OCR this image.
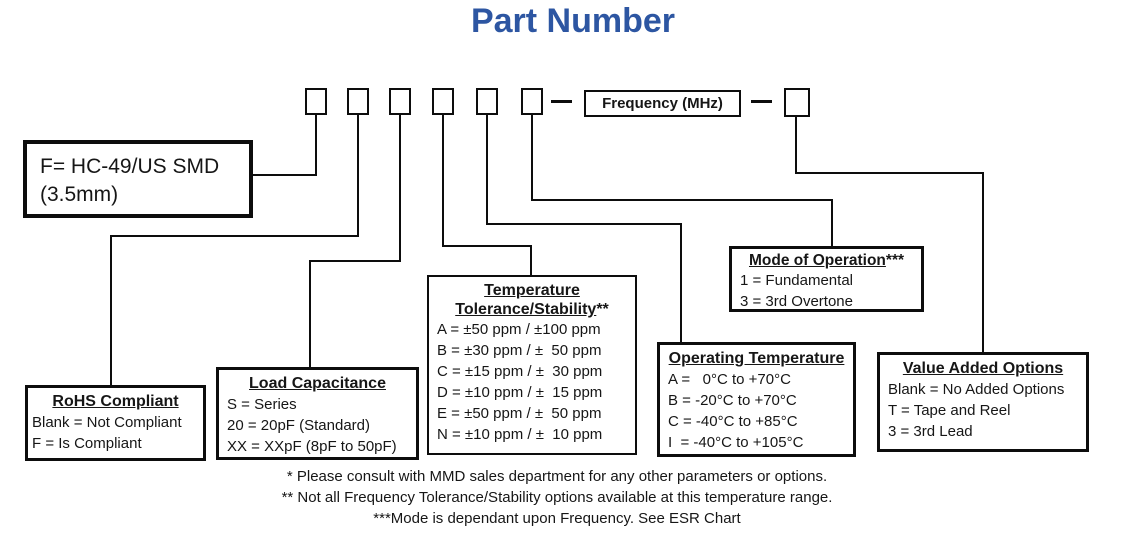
Part Number
Frequency (MHz)
F= HC-49/US SMD
(3.5mm)
RoHS Compliant
Blank = Not Compliant
F = Is Compliant
Load Capacitance
S = Series
20 = 20pF (Standard)
XX = XXpF (8pF to 50pF)
Temperature
Tolerance/Stability**
A = ±50 ppm / ±100 ppm
B = ±30 ppm / ±  50 ppm
C = ±15 ppm / ±  30 ppm
D = ±10 ppm / ±  15 ppm
E = ±50 ppm / ±  50 ppm
N = ±10 ppm / ±  10 ppm
Operating Temperature
A =   0°C to +70°C
B = -20°C to +70°C
C = -40°C to +85°C
I  = -40°C to +105°C
Mode of Operation***
1 = Fundamental
3 = 3rd Overtone
Value Added Options
Blank = No Added Options
T = Tape and Reel
3 = 3rd Lead
* Please consult with MMD sales department for any other parameters or options.
** Not all Frequency Tolerance/Stability options available at this temperature range.
***Mode is dependant upon Frequency. See ESR Chart
